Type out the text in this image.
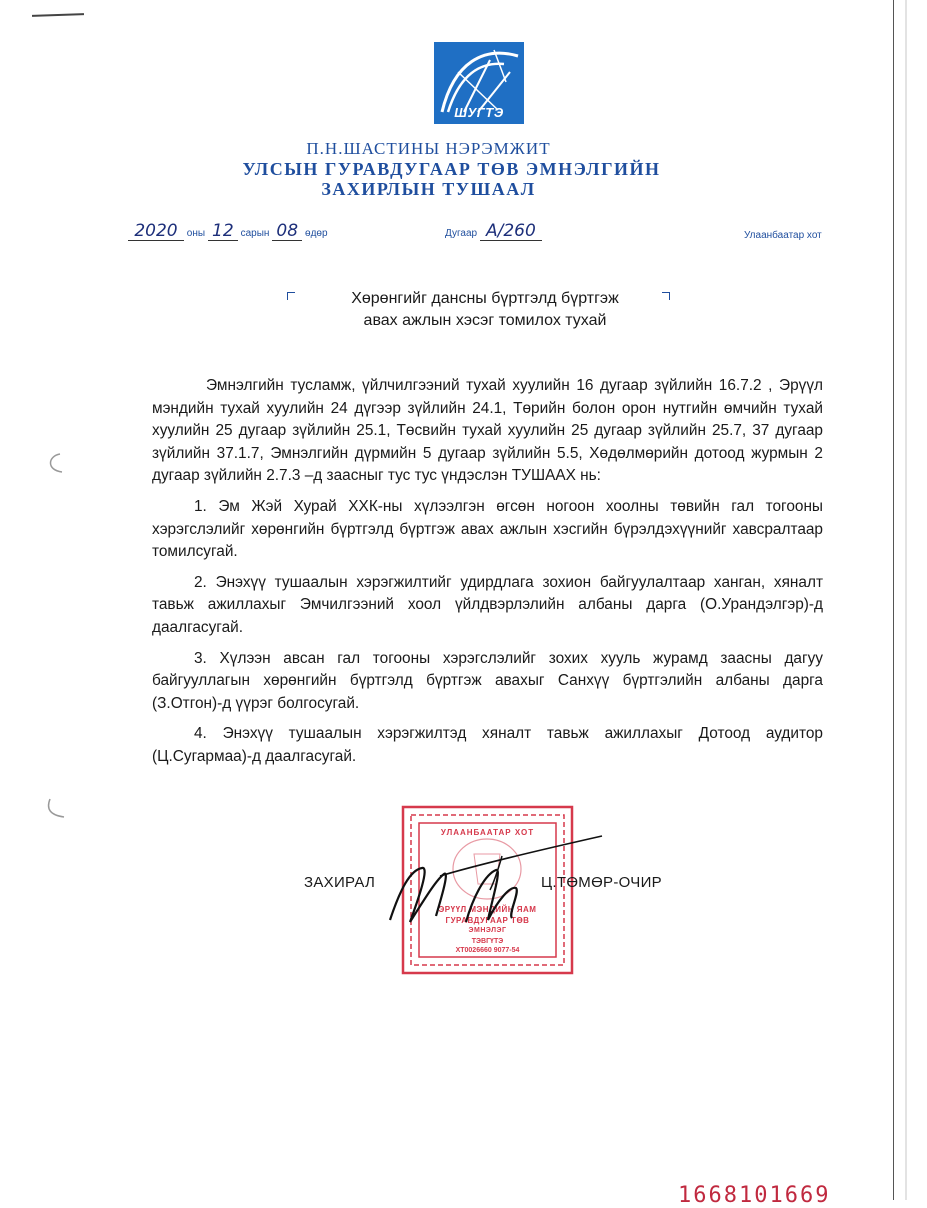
ШУГТЭ
П.Н.ШАСТИНЫ НЭРЭМЖИТ
УЛСЫН ГУРАВДУГААР ТӨВ ЭМНЭЛГИЙН
ЗАХИРЛЫН ТУШААЛ
2020 оны 12 сарын 08 өдөр	Дугаар А/260	Улаанбаатар хот
Хөрөнгийг дансны бүртгэлд бүртгэж
авах ажлын хэсэг томилох тухай

Эмнэлгийн тусламж, үйлчилгээний тухай хуулийн 16 дугаар зүйлийн 16.7.2 , Эрүүл мэндийн тухай хуулийн 24 дүгээр зүйлийн 24.1, Төрийн болон орон нутгийн өмчийн тухай хуулийн 25 дугаар зүйлийн 25.1, Төсвийн тухай хуулийн 25 дугаар зүйлийн 25.7, 37 дугаар зүйлийн 37.1.7, Эмнэлгийн дүрмийн 5 дугаар зүйлийн 5.5, Хөдөлмөрийн дотоод журмын 2 дугаар зүйлийн 2.7.3 –д заасныг тус тус үндэслэн ТУШААХ нь:

1. Эм Жэй Хурай ХХК-ны хүлээлгэн өгсөн ногоон хоолны төвийн гал тогооны хэрэгслэлийг хөрөнгийн бүртгэлд бүртгэж авах ажлын хэсгийн бүрэлдэхүүнийг хавсралтаар томилсугай.

2. Энэхүү тушаалын хэрэгжилтийг удирдлага зохион байгуулалтаар ханган, хяналт тавьж ажиллахыг Эмчилгээний хоол үйлдвэрлэлийн албаны дарга (О.Урандэлгэр)-д даалгасугай.

3. Хүлээн авсан гал тогооны хэрэгслэлийг зохих хууль журамд заасны дагуу байгууллагын хөрөнгийн бүртгэлд бүртгэж авахыг Санхүү бүртгэлийн албаны дарга (З.Отгон)-д үүрэг болгосугай.

4. Энэхүү тушаалын хэрэгжилтэд хяналт тавьж ажиллахыг Дотоод аудитор (Ц.Сугармаа)-д даалгасугай.

УЛААНБААТАР ХОТ
ЭРҮҮЛ МЭНДИЙН ЯАМ
ГУРАВДУГААР ТӨВ
ЭМНЭЛЭГ
ТЭВГҮТЭ
ХТ0026660 9077-54
ЗАХИРАЛ	Ц.ТӨМӨР-ОЧИР
1668101669
